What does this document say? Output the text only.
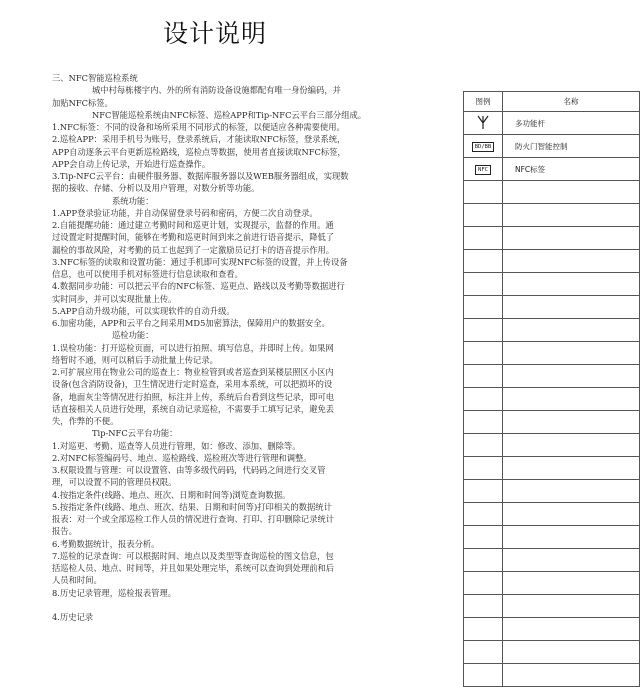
设计说明

三、NFC智能巡检系统

城中村每栋楼宇内、外的所有消防设备设施都配有唯一身份编码，并

加贴NFC标签。

NFC智能巡检系统由NFC标签、巡检APP和Tip-NFC云平台三部分组成。

1.NFC标签：不同的设备和场所采用不同形式的标签，以便适应各种需要使用。

2.巡检APP：采用手机号为账号，登录系统后，才能读取NFC标签，登录系统，

APP自动逐条云平台更新巡检路线，巡检点等数据，使用者直接读取NFC标签，

APP会自动上传记录，开始进行巡查操作。

3.Tip-NFC云平台：由硬件服务器、数据库服务器以及WEB服务器组成，实现数

据的接收、存储、分析以及用户管理，对数分析等功能。

系统功能：

1.APP登录验证功能，并自动保留登录号码和密码，方便二次自动登录。

2.自能提醒功能：通过建立考勤时间和巡更计划，实现提示，监督的作用。通

过设置定时提醒时间，能够在考勤和巡更时间到来之前进行语音提示，降低了

漏检的事故风险，对考勤的员工也起到了一定激励员记打卡的语音提示作用。

3.NFC标签的读取和设置功能：通过手机即可实现NFC标签的设置，并上传设备

信息，也可以使用手机对标签进行信息读取和查看。

4.数据同步功能：可以把云平台的NFC标签、巡更点、路线以及考勤等数据进行

实时同步，并可以实现批量上传。

5.APP自动升级功能，可以实现软件的自动升级。

6.加密功能，APP和云平台之间采用MD5加密算法，保障用户的数据安全。

巡检功能：

1.误检功能：打开巡检页面，可以进行拍照、填写信息，并即时上传。如果网

络暂时不通，则可以稍后手动批量上传记录。

2.可扩展应用在物业公司的巡查上：物业检管到或者巡查到某楼层照区小区内

设备(包含消防设备)，卫生情况进行定时巡查，采用本系统，可以把损坏的设

备，地面灰尘等情况进行拍照，标注并上传，系统后台看到这些记录，即可电

话直接相关人员进行处理，系统自动记录巡检，不需要手工填写记录，避免丢

失，作弊的不便。

Tip-NFC云平台功能：

1.对巡更、考勤、巡查等人员进行管理，如：修改、添加、删除等。

2.对NFC标签编码号、地点、巡检路线、巡检班次等进行管理和调整。

3.权限设置与管理：可以设置管、由等多级代码码，代码码之间进行交叉管

理，可以设置不同的管理员权限。

4.按指定条件(线路、地点、班次、日期和时间等)浏览查询数据。

5.按指定条件(线路、地点、班次、结果、日期和时间等)打印相关的数据统计

报表：对一个或全部巡检工作人员的情况进行查询、打印、打印删除记录统计

报告。

6.考勤数据统计，报表分析。

7.巡检的记录查询：可以根据时间、地点以及类型等查询巡检的图文信息，包

括巡检人员、地点、时间等，并且如果处理完毕，系统可以查询到处理前和后

人员和时间。

8.历史记录管理，巡检报表管理。

4.历史记录

图例	名称
	多功能杆
BD/BB	防火门智能控制
NFC	NFC标签
